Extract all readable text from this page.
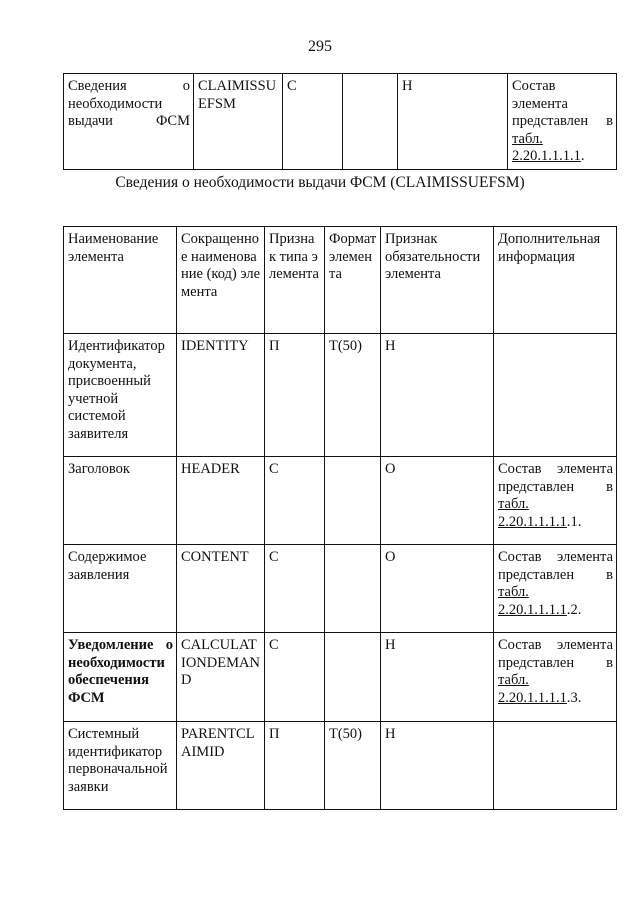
295
Сведения о необходимости выдачи ФСМ	CLAIMISSUEFSM	С		Н	Состав элемента представлен в
табл. 2.20.1.1.1.1.
Сведения о необходимости выдачи ФСМ (CLAIMISSUEFSM)
Наименование элемента	Сокращенное наименование (код) элемента	Признак типа элемента	Формат элемента	Признак обязательности элемента	Дополнительная информация
Идентификатор документа, присвоенный учетной системой заявителя	IDENTITY	П	Т(50)	Н	
Заголовок	HEADER	С		О	Состав элемента представлен в
табл. 2.20.1.1.1.1.1.
Содержимое заявления	CONTENT	С		О	Состав элемента представлен в
табл. 2.20.1.1.1.1.2.
Уведомление о необходимости обеспечения ФСМ	CALCULATIONDEMAND	С		Н	Состав элемента представлен в
табл. 2.20.1.1.1.1.3.
Системный идентификатор первоначальной заявки	PARENTCLAIMID	П	Т(50)	Н	
